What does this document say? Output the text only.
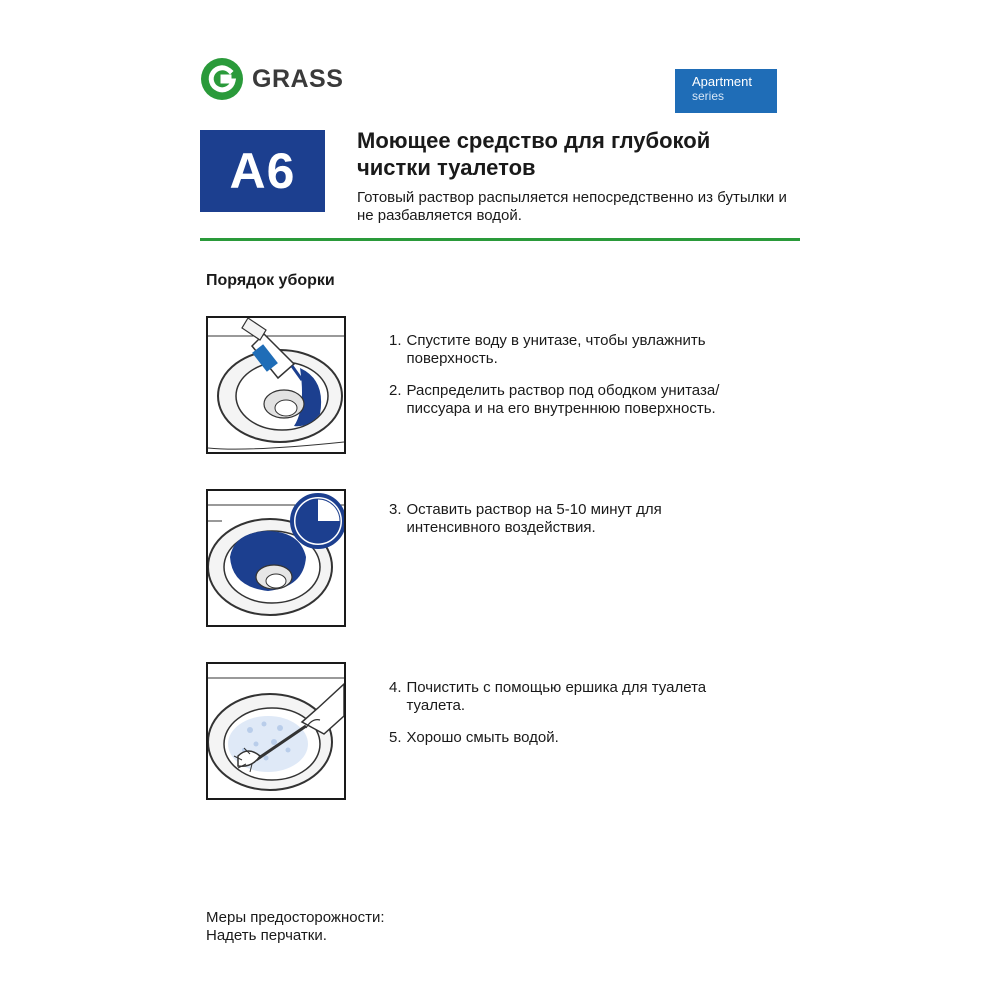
GRASS	Apartment
series
A6
Моющее средство для глубокой чистки туалетов
Готовый раствор распыляется непосредственно из бутылки и не разбавляется водой.
Порядок уборки
1. Спустите воду в унитазе, чтобы увлажнить поверхность.
2. Распределить раствор под ободком унитаза/писсуара и на его внутреннюю поверхность.
3. Оставить раствор на 5-10 минут для интенсивного воздействия.
4. Почистить с помощью ершика для туалета туалета.
5. Хорошо смыть водой.
Меры предосторожности:
Надеть перчатки.
